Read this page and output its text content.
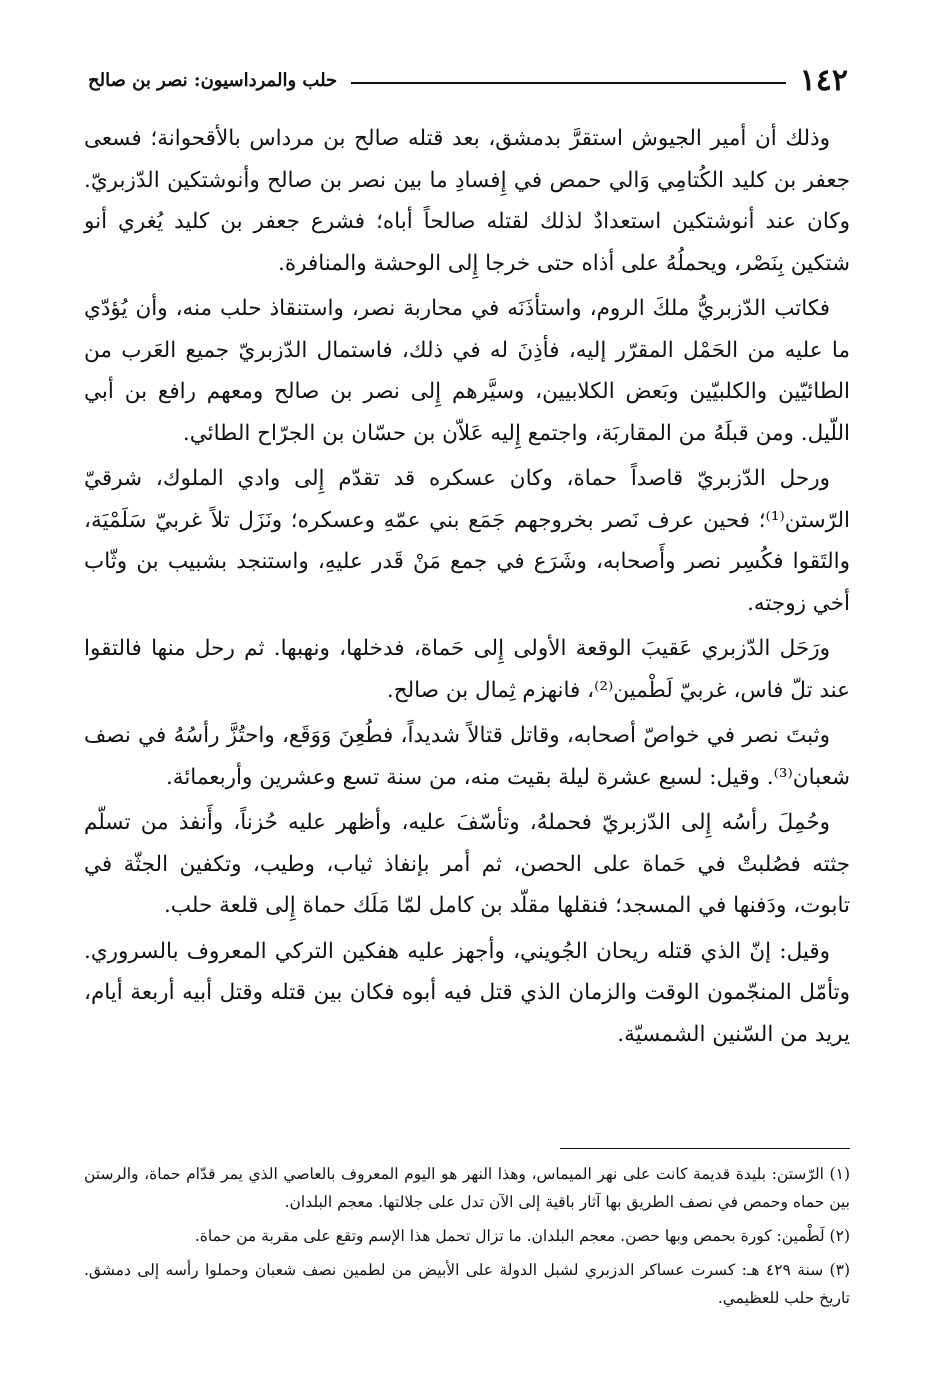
١٤٢
حلب والمرداسيون: نصر بن صالح

وذلك أن أمير الجيوش استقرَّ بدمشق، بعد قتله صالح بن مرداس بالأقحوانة؛ فسعى جعفر بن كليد الكُتامِي وَالي حمص في إِفسادِ ما بين نصر بن صالح وأنوشتكين الدّزبريّ. وكان عند أنوشتكين استعدادٌ لذلك لقتله صالحاً أباه؛ فشرع جعفر بن كليد يُغري أنو شتكين بِنَصْر، ويحملُهُ على أذاه حتى خرجا إِلى الوحشة والمنافرة.

فكاتب الدّزبريُّ ملكَ الروم، واستأذَنَه في محاربة نصر، واستنقاذ حلب منه، وأن يُؤدّي ما عليه من الحَمْل المقرّر إليه، فأذِنَ له في ذلك، فاستمال الدّزبريّ جميع العَرب من الطائيّين والكلبيّين وبَعض الكلابيين، وسيَّرهم إِلى نصر بن صالح ومعهم رافع بن أبي اللّيل. ومن قبلَهُ من المقاربَة، واجتمع إِليه عَلاّن بن حسّان بن الجرّاح الطائي.

ورحل الدّزبريّ قاصداً حماة، وكان عسكره قد تقدّم إِلى وادي الملوك، شرقيّ الرّستن⁽¹⁾؛ فحين عرف نَصر بخروجهم جَمَع بني عمّهِ وعسكره؛ ونَزَل تلاً غربيّ سَلَمْيَة، والتَقوا فكُسِر نصر وأَصحابه، وشَرَع في جمع مَنْ قَدر عليهِ، واستنجد بشبيب بن وثّاب أخي زوجته.

ورَحَل الدّزبري عَقيبَ الوقعة الأولى إِلى حَماة، فدخلها، ونهبها. ثم رحل منها فالتقوا عند تلّ فاس، غربيّ لَطْمين⁽²⁾، فانهزم ثِمال بن صالح.

وثبتَ نصر في خواصّ أصحابه، وقاتل قتالاً شديداً، فطُعِنَ وَوَقَع، واحتُزَّ رأسُهُ في نصف شعبان⁽³⁾. وقيل: لسبع عشرة ليلة بقيت منه، من سنة تسع وعشرين وأربعمائة.

وحُمِلَ رأسُه إِلى الدّزبريّ فحملهُ، وتأسّفَ عليه، وأظهر عليه حُزناً، وأَنفذ من تسلّم جثته فصُلبتْ في حَماة على الحصن، ثم أمر بإنفاذ ثياب، وطيب، وتكفين الجثّة في تابوت، ودَفنها في المسجد؛ فنقلها مقلّد بن كامل لمّا مَلَك حماة إِلى قلعة حلب.

وقيل: إنّ الذي قتله ريحان الجُويني، وأجهز عليه هفكين التركي المعروف بالسروري. وتأمّل المنجّمون الوقت والزمان الذي قتل فيه أبوه فكان بين قتله وقتل أبيه أربعة أيام، يريد من السّنين الشمسيّة.

(١) الرّستن: بليدة قديمة كانت على نهر الميماس، وهذا النهر هو اليوم المعروف بالعاصي الذي يمر قدّام حماة، والرستن بين حماه وحمص في نصف الطريق بها آثار باقية إلى الآن تدل على جلالتها. معجم البلدان.

(٢) لَطْمين: كورة بحمص وبها حصن. معجم البلدان. ما تزال تحمل هذا الإسم وتقع على مقربة من حماة.

(٣) سنة ٤٢٩ هـ: كسرت عساكر الدزبري لشبل الدولة على الأبيض من لطمين نصف شعبان وحملوا رأسه إلى دمشق. تاريخ حلب للعظيمي.
